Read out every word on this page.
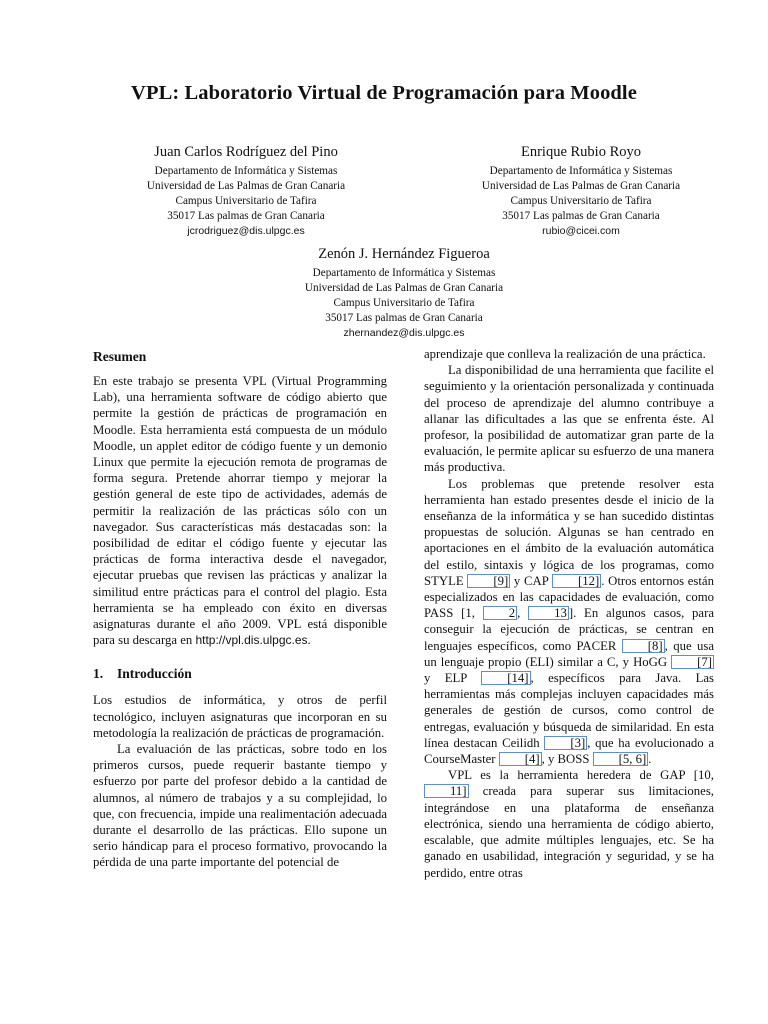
VPL: Laboratorio Virtual de Programación para Moodle
Juan Carlos Rodríguez del Pino
Departamento de Informática y Sistemas
Universidad de Las Palmas de Gran Canaria
Campus Universitario de Tafira
35017 Las palmas de Gran Canaria
jcrodriguez@dis.ulpgc.es
Enrique Rubio Royo
Departamento de Informática y Sistemas
Universidad de Las Palmas de Gran Canaria
Campus Universitario de Tafira
35017 Las palmas de Gran Canaria
rubio@cicei.com
Zenón J. Hernández Figueroa
Departamento de Informática y Sistemas
Universidad de Las Palmas de Gran Canaria
Campus Universitario de Tafira
35017 Las palmas de Gran Canaria
zhernandez@dis.ulpgc.es
Resumen

En este trabajo se presenta VPL (Virtual Programming Lab), una herramienta software de código abierto que permite la gestión de prácticas de programación en Moodle. Esta herramienta está compuesta de un módulo Moodle, un applet editor de código fuente y un demonio Linux que permite la ejecución remota de programas de forma segura. Pretende ahorrar tiempo y mejorar la gestión general de este tipo de actividades, además de permitir la realización de las prácticas sólo con un navegador. Sus características más destacadas son: la posibilidad de editar el código fuente y ejecutar las prácticas de forma interactiva desde el navegador, ejecutar pruebas que revisen las prácticas y analizar la similitud entre prácticas para el control del plagio. Esta herramienta se ha empleado con éxito en diversas asignaturas durante el año 2009. VPL está disponible para su descarga en http://vpl.dis.ulpgc.es.

1. Introducción

Los estudios de informática, y otros de perfil tecnológico, incluyen asignaturas que incorporan en su metodología la realización de prácticas de programación.

La evaluación de las prácticas, sobre todo en los primeros cursos, puede requerir bastante tiempo y esfuerzo por parte del profesor debido a la cantidad de alumnos, al número de trabajos y a su complejidad, lo que, con frecuencia, impide una realimentación adecuada durante el desarrollo de las prácticas. Ello supone un serio hándicap para el proceso formativo, provocando la pérdida de una parte importante del potencial de

aprendizaje que conlleva la realización de una práctica.

La disponibilidad de una herramienta que facilite el seguimiento y la orientación personalizada y continuada del proceso de aprendizaje del alumno contribuye a allanar las dificultades a las que se enfrenta éste. Al profesor, la posibilidad de automatizar gran parte de la evaluación, le permite aplicar su esfuerzo de una manera más productiva.

Los problemas que pretende resolver esta herramienta han estado presentes desde el inicio de la enseñanza de la informática y se han sucedido distintas propuestas de solución. Algunas se han centrado en aportaciones en el ámbito de la evaluación automática del estilo, sintaxis y lógica de los programas, como STYLE [9] y CAP [12] . Otros entornos están especializados en las capacidades de evaluación, como PASS [1, 2 , 13 ]. En algunos casos, para conseguir la ejecución de prácticas, se centran en lenguajes específicos, como PACER [8] , que usa un lenguaje propio (ELI) similar a C, y HoGG [7] y ELP [14] , específicos para Java. Las herramientas más complejas incluyen capacidades más generales de gestión de cursos, como control de entregas, evaluación y búsqueda de similaridad. En esta línea destacan Ceilidh [3] , que ha evolucionado a CourseMaster [4] , y BOSS [5, 6] .

VPL es la herramienta heredera de GAP [10, 11] creada para superar sus limitaciones, integrándose en una plataforma de enseñanza electrónica, siendo una herramienta de código abierto, escalable, que admite múltiples lenguajes, etc. Se ha ganado en usabilidad, integración y seguridad, y se ha perdido, entre otras
